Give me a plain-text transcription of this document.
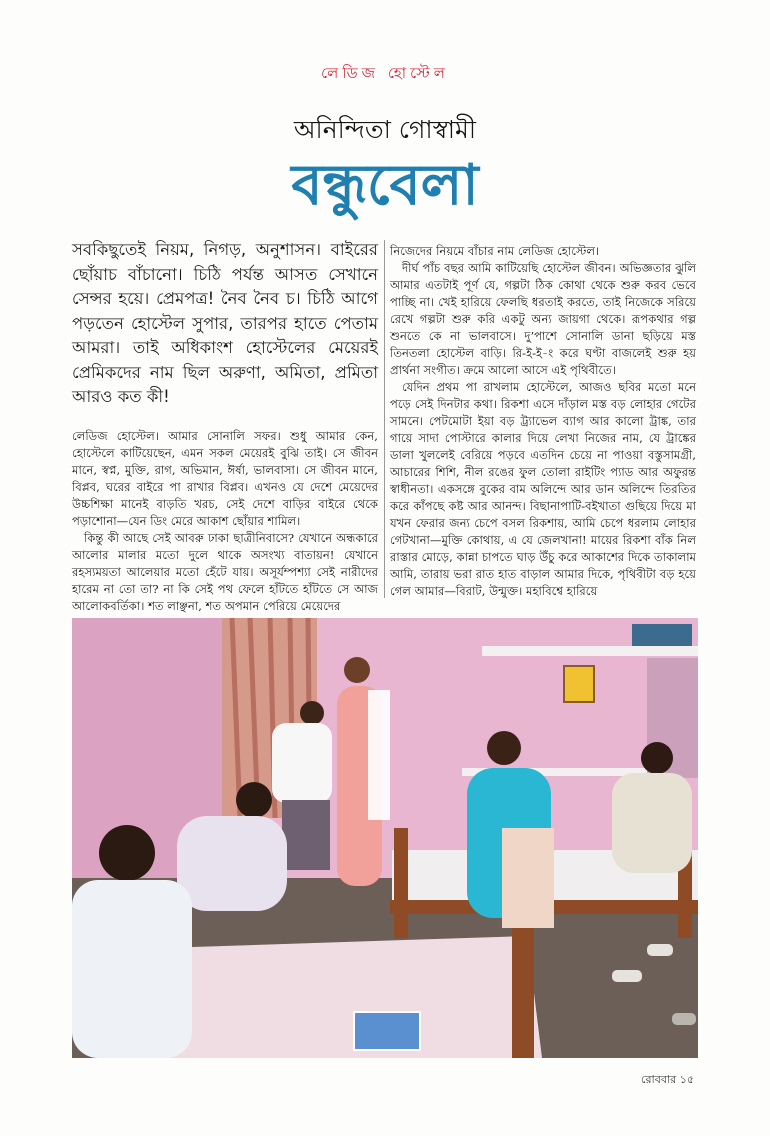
লেডিজ হোস্টেল
অনিন্দিতা গোস্বামী
বন্ধুবেলা

সবকিছুতেই নিয়ম, নিগড়, অনুশাসন। বাইরের ছোঁয়াচ বাঁচানো। চিঠি পর্যন্ত আসত সেখানে সেন্সর হয়ে। প্রেমপত্র! নৈব নৈব চ। চিঠি আগে পড়তেন হোস্টেল সুপার, তারপর হাতে পেতাম আমরা। তাই অধিকাংশ হোস্টেলের মেয়েরই প্রেমিকদের নাম ছিল অরুণা, অমিতা, প্রমিতা আরও কত কী!

লেডিজ হোস্টেল। আমার সোনালি সফর। শুধু আমার কেন, হোস্টেলে কাটিয়েছেন, এমন সকল মেয়েরই বুঝি তাই। সে জীবন মানে, স্বপ্ন, মুক্তি, রাগ, অভিমান, ঈর্ষা, ভালবাসা। সে জীবন মানে, বিপ্লব, ঘরের বাইরে পা রাখার বিপ্লব। এখনও যে দেশে মেয়েদের উচ্চশিক্ষা মানেই বাড়তি খরচ, সেই দেশে বাড়ির বাইরে থেকে পড়াশোনা—যেন ডিং মেরে আকাশ ছোঁয়ার শামিল।

কিন্তু কী আছে সেই আবরু ঢাকা ছাত্রীনিবাসে? যেখানে অন্ধকারে আলোর মালার মতো দুলে থাকে অসংখ্য বাতায়ন! যেখানে রহস্যময়তা আলেয়ার মতো হেঁটে যায়। অসূর্যম্পশ্যা সেই নারীদের হারেম না তো তা? না কি সেই পথ ফেলে হাঁটতে হাঁটতে সে আজ আলোকবর্তিকা। শত লাঞ্ছনা, শত অপমান পেরিয়ে মেয়েদের

নিজেদের নিয়মে বাঁচার নাম লেডিজ হোস্টেল।

দীর্ঘ পাঁচ বছর আমি কাটিয়েছি হোস্টেল জীবন। অভিজ্ঞতার ঝুলি আমার এতটাই পূর্ণ যে, গল্পটা ঠিক কোথা থেকে শুরু করব ভেবে পাচ্ছি না। খেই হারিয়ে ফেলছি ধরতাই করতে, তাই নিজেকে সরিয়ে রেখে গল্পটা শুরু করি একটু অন্য জায়গা থেকে। রূপকথার গল্প শুনতে কে না ভালবাসে। দু’পাশে সোনালি ডানা ছড়িয়ে মস্ত তিনতলা হোস্টেল বাড়ি। রি-ই-ই-ং করে ঘণ্টা বাজলেই শুরু হয় প্রার্থনা সংগীত। ক্রমে আলো আসে এই পৃথিবীতে।

যেদিন প্রথম পা রাখলাম হোস্টেলে, আজও ছবির মতো মনে পড়ে সেই দিনটার কথা। রিকশা এসে দাঁড়াল মস্ত বড় লোহার গেটের সামনে। পেটমোটা ইয়া বড় ট্র্যাভেল ব্যাগ আর কালো ট্রাঙ্ক, তার গায়ে সাদা পোস্টারে কালার দিয়ে লেখা নিজের নাম, যে ট্রাঙ্কের ডালা খুললেই বেরিয়ে পড়বে এতদিন চেয়ে না পাওয়া বস্তুসামগ্রী, আচারের শিশি, নীল রঙের ফুল তোলা রাইটিং প্যাড আর অফুরন্ত স্বাধীনতা। একসঙ্গে বুকের বাম অলিন্দে আর ডান অলিন্দে তিরতির করে কাঁপছে কষ্ট আর আনন্দ। বিছানাপাটি-বইখাতা গুছিয়ে দিয়ে মা যখন ফেরার জন্য চেপে বসল রিকশায়, আমি চেপে ধরলাম লোহার গেটখানা—মুক্তি কোথায়, এ যে জেলখানা! মায়ের রিকশা বাঁক নিল রাস্তার মোড়ে, কান্না চাপতে ঘাড় উঁচু করে আকাশের দিকে তাকালাম আমি, তারায় ভরা রাত হাত বাড়াল আমার দিকে, পৃথিবীটা বড় হয়ে গেল আমার—বিরাট, উন্মুক্ত। মহাবিশ্বে হারিয়ে

রোববার ১৫
